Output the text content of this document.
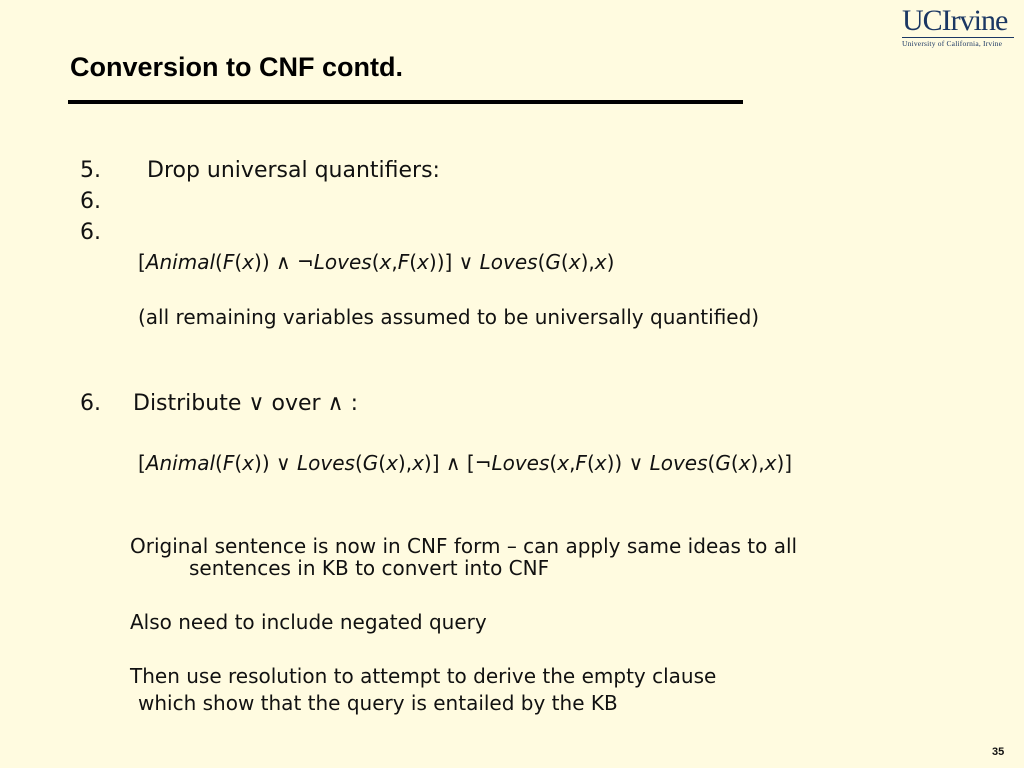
UCIrvine
University of California, Irvine
Conversion to CNF contd.
5. Drop universal quantifiers:
6.
6.
[Animal(F(x)) ∧ ¬Loves(x,F(x))] ∨ Loves(G(x),x)
(all remaining variables assumed to be universally quantified)
6. Distribute ∨ over ∧ :
[Animal(F(x)) ∨ Loves(G(x),x)] ∧ [¬Loves(x,F(x)) ∨ Loves(G(x),x)]
Original sentence is now in CNF form – can apply same ideas to all
sentences in KB to convert into CNF
Also need to include negated query
Then use resolution to attempt to derive the empty clause
which show that the query is entailed by the KB
35
